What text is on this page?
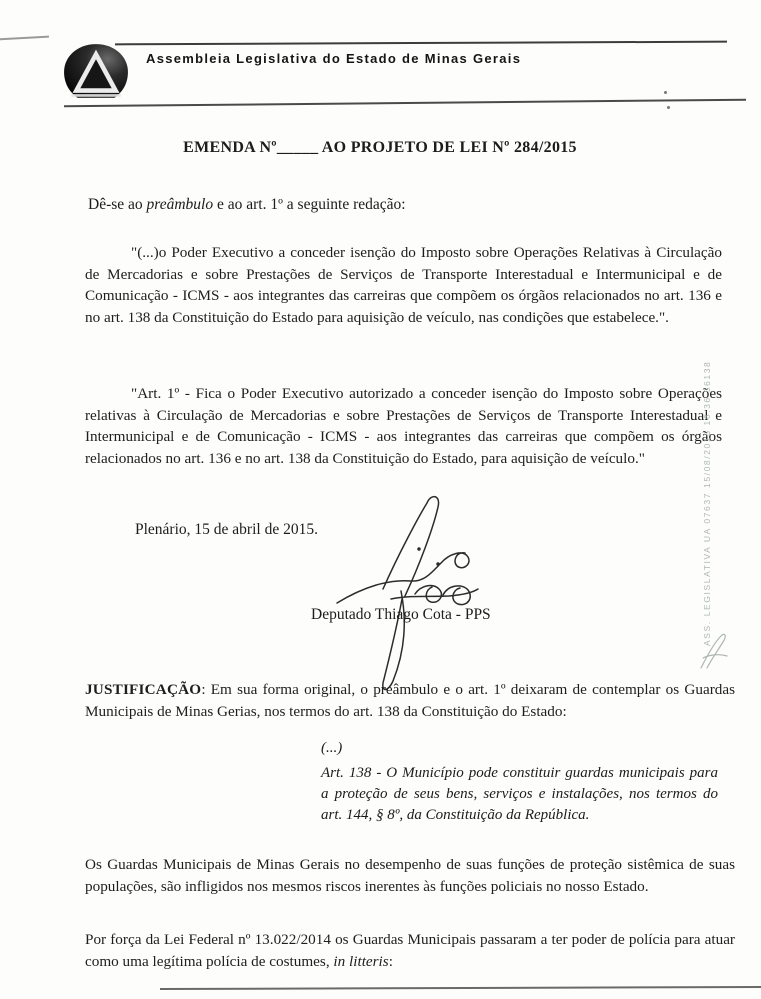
Assembleia Legislativa do Estado de Minas Gerais
EMENDA Nº_____ AO PROJETO DE LEI Nº 284/2015

Dê-se ao preâmbulo e ao art. 1º a seguinte redação:

"(...)o Poder Executivo a conceder isenção do Imposto sobre Operações Relativas à Circulação de Mercadorias e sobre Prestações de Serviços de Transporte Interestadual e Intermunicipal e de Comunicação - ICMS - aos integrantes das carreiras que compõem os órgãos relacionados no art. 136 e no art. 138 da Constituição do Estado para aquisição de veículo, nas condições que estabelece.".

"Art. 1º - Fica o Poder Executivo autorizado a conceder isenção do Imposto sobre Operações relativas à Circulação de Mercadorias e sobre Prestações de Serviços de Transporte Interestadual e Intermunicipal e de Comunicação - ICMS - aos integrantes das carreiras que compõem os órgãos relacionados no art. 136 e no art. 138 da Constituição do Estado, para aquisição de veículo."

Plenário, 15 de abril de 2015.

Deputado Thiago Cota - PPS

JUSTIFICAÇÃO: Em sua forma original, o preâmbulo e o art. 1º deixaram de contemplar os Guardas Municipais de Minas Gerias, nos termos do art. 138 da Constituição do Estado:

(...)

Art. 138 - O Município pode constituir guardas municipais para a proteção de seus bens, serviços e instalações, nos termos do art. 144, § 8º, da Constituição da República.

Os Guardas Municipais de Minas Gerais no desempenho de suas funções de proteção sistêmica de suas populações, são infligidos nos mesmos riscos inerentes às funções policiais no nosso Estado.

Por força da Lei Federal nº 13.022/2014 os Guardas Municipais passaram a ter poder de polícia para atuar como uma legítima polícia de costumes, in litteris:

ASS. LEGISLATIVA UA 07637 15/08/2015 16:36 56138
